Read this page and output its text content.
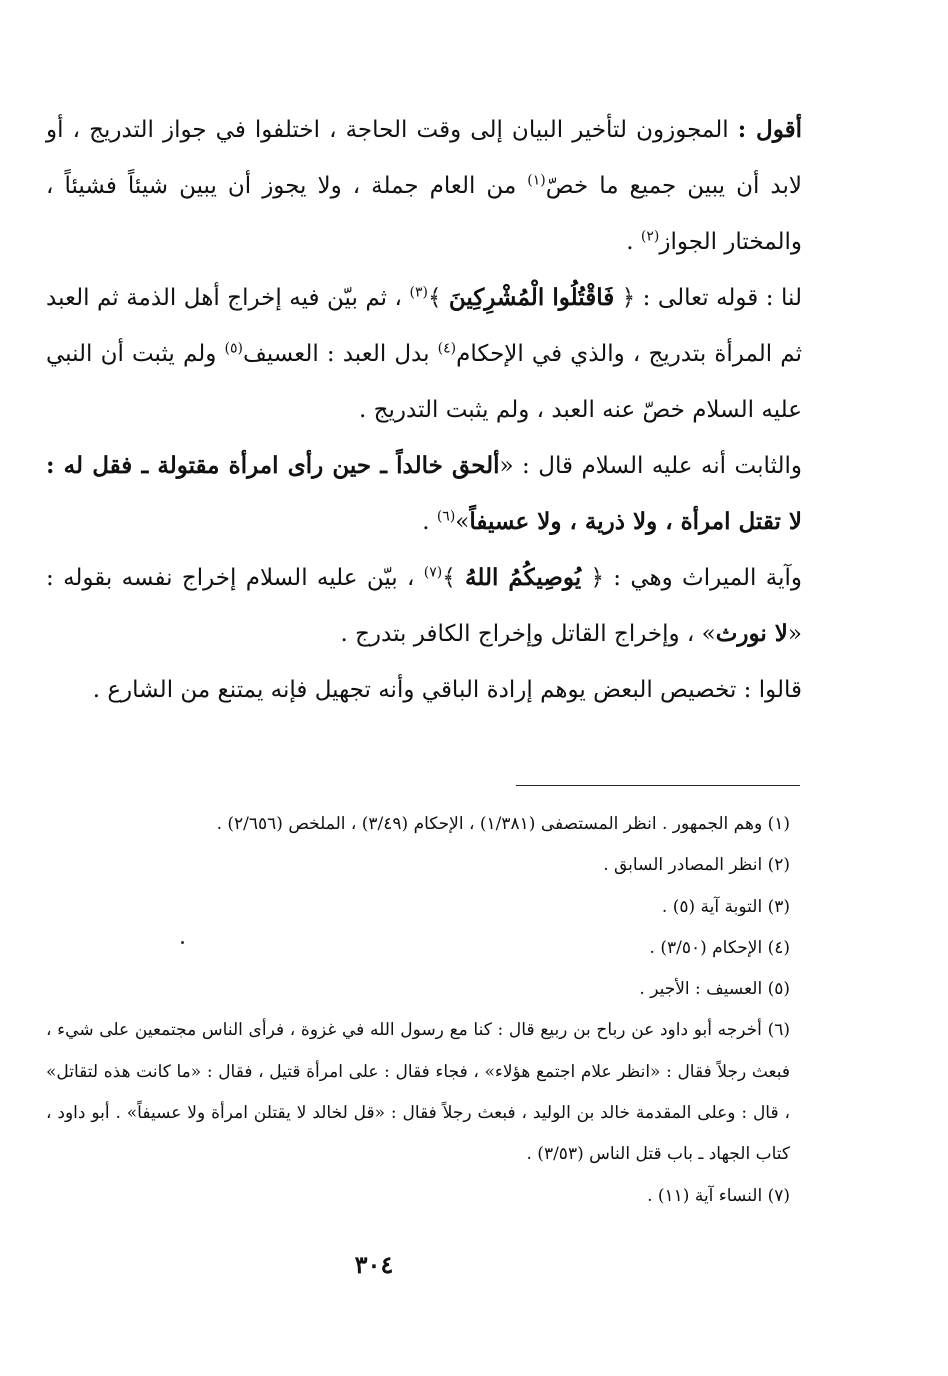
أقول : المجوزون لتأخير البيان إلى وقت الحاجة ، اختلفوا في جواز التدريج ، أو لابد أن يبين جميع ما خصّ$^{(١)}$ من العام جملة ، ولا يجوز أن يبين شيئاً فشيئاً ، والمختار الجواز$^{(٢)}$ .

لنا : قوله تعالى : ﴿ فَاقْتُلُوا الْمُشْرِكِينَ ﴾$^{(٣)}$ ، ثم بيّن فيه إخراج أهل الذمة ثم العبد ثم المرأة بتدريج ، والذي في الإحكام$^{(٤)}$ بدل العبد : العسيف$^{(٥)}$ ولم يثبت أن النبي عليه السلام خصّ عنه العبد ، ولم يثبت التدريج .

والثابت أنه عليه السلام قال : «ألحق خالداً ـ حين رأى امرأة مقتولة ـ فقل له : لا تقتل امرأة ، ولا ذرية ، ولا عسيفاً»$^{(٦)}$ .

وآية الميراث وهي : ﴿ يُوصِيكُمُ اللهُ ﴾$^{(٧)}$ ، بيّن عليه السلام إخراج نفسه بقوله : «لا نورث» ، وإخراج القاتل وإخراج الكافر بتدرج .

قالوا : تخصيص البعض يوهم إرادة الباقي وأنه تجهيل فإنه يمتنع من الشارع .

(١) وهم الجمهور . انظر المستصفى (١/٣٨١) ، الإحكام (٣/٤٩) ، الملخص (٢/٦٥٦) .

(٢) انظر المصادر السابق .

(٣) التوبة آية (٥) .

(٤) الإحكام (٣/٥٠) .

(٥) العسيف : الأجير .

(٦) أخرجه أبو داود عن رباح بن ربيع قال : كنا مع رسول الله في غزوة ، فرأى الناس مجتمعين على شيء ، فبعث رجلاً فقال : «انظر علام اجتمع هؤلاء» ، فجاء فقال : على امرأة قتيل ، فقال : «ما كانت هذه لتقاتل» ، قال : وعلى المقدمة خالد بن الوليد ، فبعث رجلاً فقال : «قل لخالد لا يقتلن امرأة ولا عسيفاً» . أبو داود ، كتاب الجهاد ـ باب قتل الناس (٣/٥٣) .

(٧) النساء آية (١١) .

٣٠٤
